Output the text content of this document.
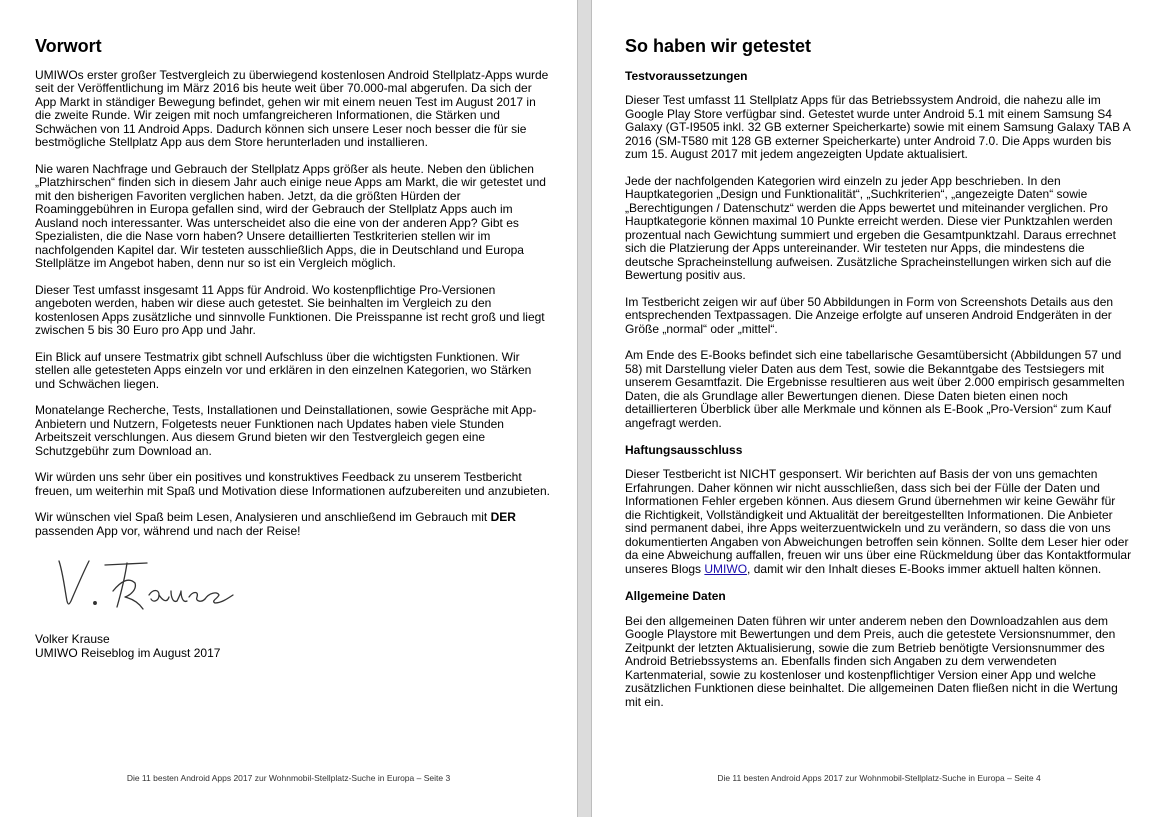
Vorwort

UMIWOs erster großer Testvergleich zu überwiegend kostenlosen Android Stellplatz-Apps wurde seit der Veröffentlichung im März 2016 bis heute weit über 70.000-mal abgerufen. Da sich der App Markt in ständiger Bewegung befindet, gehen wir mit einem neuen Test im August 2017 in die zweite Runde. Wir zeigen mit noch umfangreicheren Informationen, die Stärken und Schwächen von 11 Android Apps. Dadurch können sich unsere Leser noch besser die für sie bestmögliche Stellplatz App aus dem Store herunterladen und installieren.

Nie waren Nachfrage und Gebrauch der Stellplatz Apps größer als heute. Neben den üblichen „Platzhirschen“ finden sich in diesem Jahr auch einige neue Apps am Markt, die wir getestet und mit den bisherigen Favoriten verglichen haben. Jetzt, da die größten Hürden der Roaminggebühren in Europa gefallen sind, wird der Gebrauch der Stellplatz Apps auch im Ausland noch interessanter. Was unterscheidet also die eine von der anderen App? Gibt es Spezialisten, die die Nase vorn haben? Unsere detaillierten Testkriterien stellen wir im nachfolgenden Kapitel dar. Wir testeten ausschließlich Apps, die in Deutschland und Europa Stellplätze im Angebot haben, denn nur so ist ein Vergleich möglich.

Dieser Test umfasst insgesamt 11 Apps für Android. Wo kostenpflichtige Pro-Versionen angeboten werden, haben wir diese auch getestet. Sie beinhalten im Vergleich zu den kostenlosen Apps zusätzliche und sinnvolle Funktionen. Die Preisspanne ist recht groß und liegt zwischen 5 bis 30 Euro pro App und Jahr.

Ein Blick auf unsere Testmatrix gibt schnell Aufschluss über die wichtigsten Funktionen. Wir stellen alle getesteten Apps einzeln vor und erklären in den einzelnen Kategorien, wo Stärken und Schwächen liegen.

Monatelange Recherche, Tests, Installationen und Deinstallationen, sowie Gespräche mit App-Anbietern und Nutzern, Folgetests neuer Funktionen nach Updates haben viele Stunden Arbeitszeit verschlungen. Aus diesem Grund bieten wir den Testvergleich gegen eine Schutzgebühr zum Download an.

Wir würden uns sehr über ein positives und konstruktives Feedback zu unserem Testbericht freuen, um weiterhin mit Spaß und Motivation diese Informationen aufzubereiten und anzubieten.

Wir wünschen viel Spaß beim Lesen, Analysieren und anschließend im Gebrauch mit DER passenden App vor, während und nach der Reise!

Volker Krause

UMIWO Reiseblog im August 2017

Die 11 besten Android Apps 2017 zur Wohnmobil-Stellplatz-Suche in Europa – Seite 3
So haben wir getestet
Testvoraussetzungen

Dieser Test umfasst 11 Stellplatz Apps für das Betriebssystem Android, die nahezu alle im Google Play Store verfügbar sind. Getestet wurde unter Android 5.1 mit einem Samsung S4 Galaxy (GT-I9505 inkl. 32 GB externer Speicherkarte) sowie mit einem Samsung Galaxy TAB A 2016 (SM-T580 mit 128 GB externer Speicherkarte) unter Android 7.0. Die Apps wurden bis zum 15. August 2017 mit jedem angezeigten Update aktualisiert.

Jede der nachfolgenden Kategorien wird einzeln zu jeder App beschrieben. In den Hauptkategorien „Design und Funktionalität“, „Suchkriterien“, „angezeigte Daten“ sowie „Berechtigungen / Datenschutz“ werden die Apps bewertet und miteinander verglichen. Pro Hauptkategorie können maximal 10 Punkte erreicht werden. Diese vier Punktzahlen werden prozentual nach Gewichtung summiert und ergeben die Gesamtpunktzahl. Daraus errechnet sich die Platzierung der Apps untereinander. Wir testeten nur Apps, die mindestens die deutsche Spracheinstellung aufweisen. Zusätzliche Spracheinstellungen wirken sich auf die Bewertung positiv aus.

Im Testbericht zeigen wir auf über 50 Abbildungen in Form von Screenshots Details aus den entsprechenden Textpassagen. Die Anzeige erfolgte auf unseren Android Endgeräten in der Größe „normal“ oder „mittel“.

Am Ende des E-Books befindet sich eine tabellarische Gesamtübersicht (Abbildungen 57 und 58) mit Darstellung vieler Daten aus dem Test, sowie die Bekanntgabe des Testsiegers mit unserem Gesamtfazit. Die Ergebnisse resultieren aus weit über 2.000 empirisch gesammelten Daten, die als Grundlage aller Bewertungen dienen. Diese Daten bieten einen noch detaillierteren Überblick über alle Merkmale und können als E-Book „Pro-Version“ zum Kauf angefragt werden.

Haftungsausschluss

Dieser Testbericht ist NICHT gesponsert. Wir berichten auf Basis der von uns gemachten Erfahrungen. Daher können wir nicht ausschließen, dass sich bei der Fülle der Daten und Informationen Fehler ergeben können. Aus diesem Grund übernehmen wir keine Gewähr für die Richtigkeit, Vollständigkeit und Aktualität der bereitgestellten Informationen. Die Anbieter sind permanent dabei, ihre Apps weiterzuentwickeln und zu verändern, so dass die von uns dokumentierten Angaben von Abweichungen betroffen sein können. Sollte dem Leser hier oder da eine Abweichung auffallen, freuen wir uns über eine Rückmeldung über das Kontaktformular unseres Blogs UMIWO, damit wir den Inhalt dieses E-Books immer aktuell halten können.

Allgemeine Daten

Bei den allgemeinen Daten führen wir unter anderem neben den Downloadzahlen aus dem Google Playstore mit Bewertungen und dem Preis, auch die getestete Versionsnummer, den Zeitpunkt der letzten Aktualisierung, sowie die zum Betrieb benötigte Versionsnummer des Android Betriebssystems an. Ebenfalls finden sich Angaben zu dem verwendeten Kartenmaterial, sowie zu kostenloser und kostenpflichtiger Version einer App und welche zusätzlichen Funktionen diese beinhaltet. Die allgemeinen Daten fließen nicht in die Wertung mit ein.

Die 11 besten Android Apps 2017 zur Wohnmobil-Stellplatz-Suche in Europa – Seite 4
